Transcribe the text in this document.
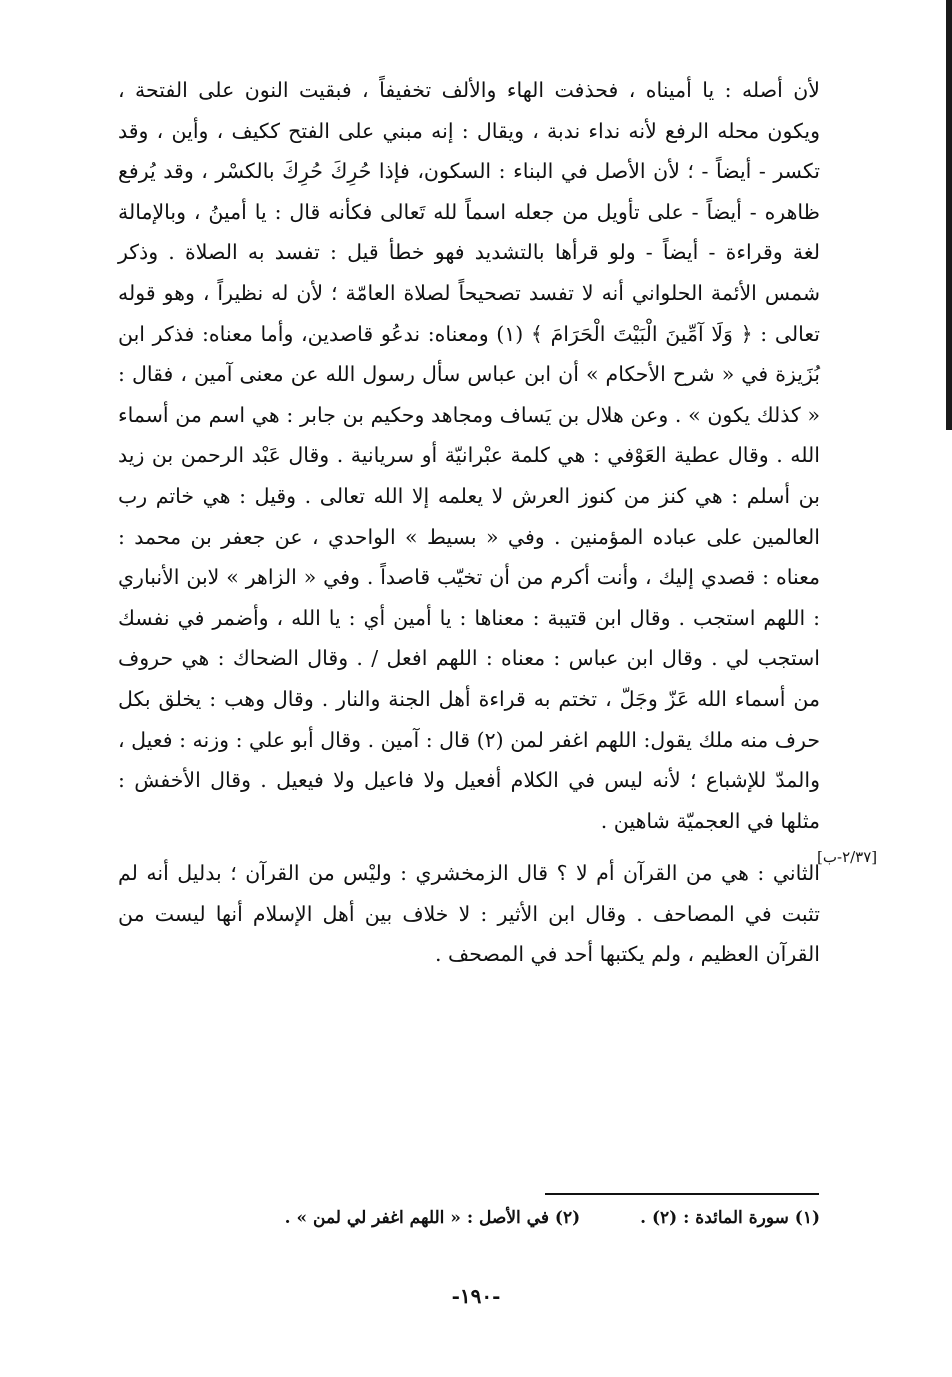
لأن أصله : يا أميناه ، فحذفت الهاء والألف تخفيفاً ، فبقيت النون على الفتحة ، ويكون محله الرفع لأنه نداء ندبة ، ويقال : إنه مبني على الفتح ككيف ، وأين ، وقد تكسر - أيضاً - ؛ لأن الأصل في البناء : السكون، فإذا حُرِكَ حُرِكَ بالكسْر ، وقد يُرفع ظاهره - أيضاً - على تأويل من جعله اسماً لله تَعالى فكأنه قال : يا أمينُ ، وبالإمالة لغة وقراءة - أيضاً - ولو قرأها بالتشديد فهو خطأ قيل : تفسد به الصلاة . وذكر شمس الأئمة الحلواني أنه لا تفسد تصحيحاً لصلاة العامّة ؛ لأن له نظيراً ، وهو قوله تعالى : ﴿ وَلَا آمِّينَ الْبَيْتَ الْحَرَامَ ﴾ (١) ومعناه: ندعُو قاصدين، وأما معناه: فذكر ابن بُزَيزة في « شرح الأحكام » أن ابن عباس سأل رسول الله عن معنى آمين ، فقال : « كذلك يكون » . وعن هلال بن يَساف ومجاهد وحكيم بن جابر : هي اسم من أسماء الله . وقال عطية العَوْفي : هي كلمة عبْرانيّة أو سريانية . وقال عَبْد الرحمن بن زيد بن أسلم : هي كنز من كنوز العرش لا يعلمه إلا الله تعالى . وقيل : هي خاتم رب العالمين على عباده المؤمنين . وفي « بسيط » الواحدي ، عن جعفر بن محمد : معناه : قصدي إليك ، وأنت أكرم من أن تخيّب قاصداً . وفي « الزاهر » لابن الأنباري : اللهم استجب . وقال ابن قتيبة : معناها : يا أمين أي : يا الله ، وأضمر في نفسك استجب لي . وقال ابن عباس : معناه : اللهم افعل / . وقال الضحاك : هي حروف من أسماء الله عَزّ وجَلّ ، تختم به قراءة أهل الجنة والنار . وقال وهب : يخلق بكل حرف منه ملك يقول: اللهم اغفر لمن (٢) قال : آمين . وقال أبو علي : وزنه : فعيل ، والمدّ للإشباع ؛ لأنه ليس في الكلام أفعيل ولا فاعيل ولا فيعيل . وقال الأخفش : مثلها في العجميّة شاهين .

الثاني : هي من القرآن أم لا ؟ قال الزمخشري : وليْس من القرآن ؛ بدليل أنه لم تثبت في المصاحف . وقال ابن الأثير : لا خلاف بين أهل الإسلام أنها ليست من القرآن العظيم ، ولم يكتبها أحد في المصحف .

[٢/٣٧-ب]
(١) سورة المائدة : (٢) .
(٢) في الأصل : « اللهم اغفر لي لمن » .
-١٩٠-
